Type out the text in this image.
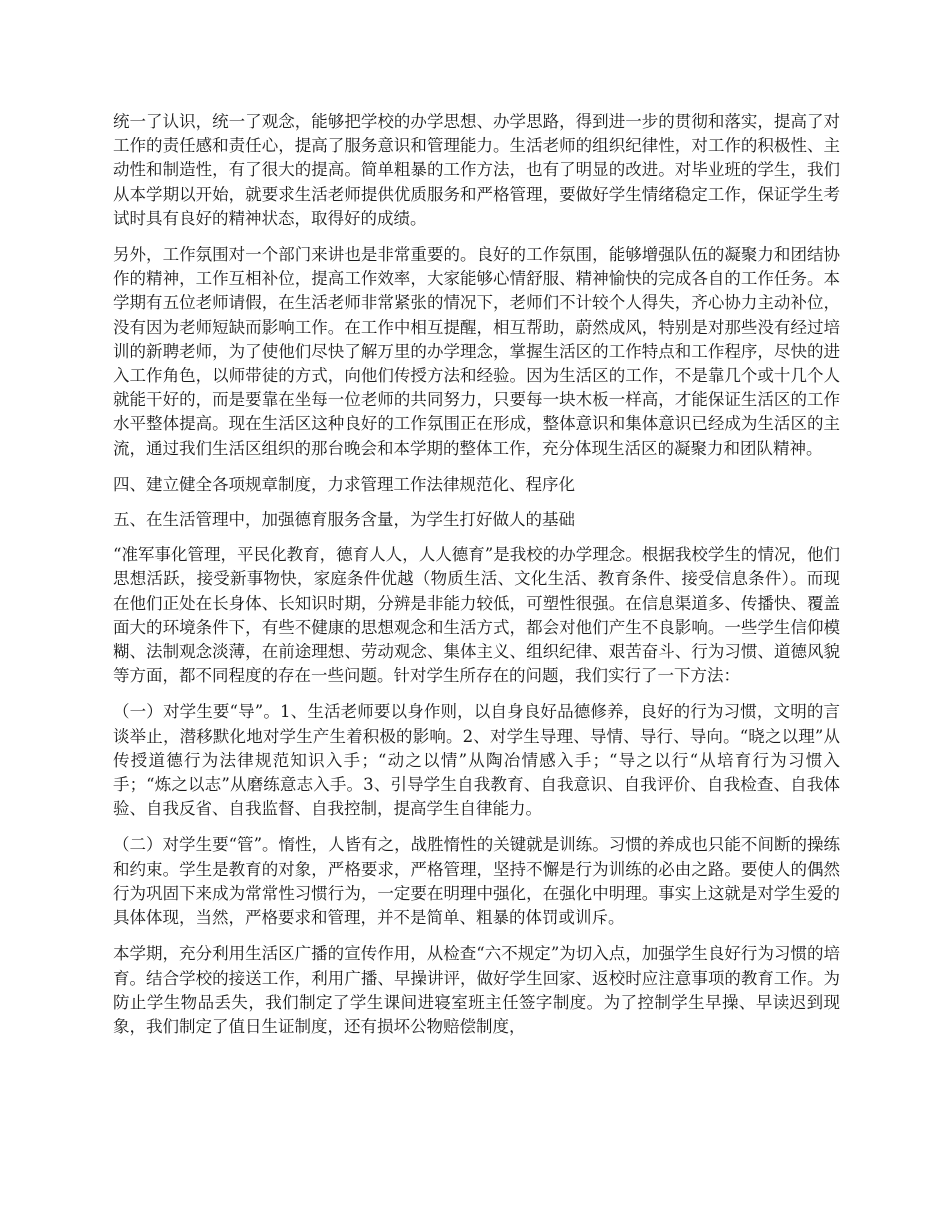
统一了认识，统一了观念，能够把学校的办学思想、办学思路，得到进一步的贯彻和落实，提高了对工作的责任感和责任心，提高了服务意识和管理能力。生活老师的组织纪律性，对工作的积极性、主动性和制造性，有了很大的提高。简单粗暴的工作方法，也有了明显的改进。对毕业班的学生，我们从本学期以开始，就要求生活老师提供优质服务和严格管理，要做好学生情绪稳定工作，保证学生考试时具有良好的精神状态，取得好的成绩。

另外，工作氛围对一个部门来讲也是非常重要的。良好的工作氛围，能够增强队伍的凝聚力和团结协作的精神，工作互相补位，提高工作效率，大家能够心情舒服、精神愉快的完成各自的工作任务。本学期有五位老师请假，在生活老师非常紧张的情况下，老师们不计较个人得失，齐心协力主动补位，没有因为老师短缺而影响工作。在工作中相互提醒，相互帮助，蔚然成风，特别是对那些没有经过培训的新聘老师，为了使他们尽快了解万里的办学理念，掌握生活区的工作特点和工作程序，尽快的进入工作角色，以师带徒的方式，向他们传授方法和经验。因为生活区的工作，不是靠几个或十几个人就能干好的，而是要靠在坐每一位老师的共同努力，只要每一块木板一样高，才能保证生活区的工作水平整体提高。现在生活区这种良好的工作氛围正在形成，整体意识和集体意识已经成为生活区的主流，通过我们生活区组织的那台晚会和本学期的整体工作，充分体现生活区的凝聚力和团队精神。

四、建立健全各项规章制度，力求管理工作法律规范化、程序化

五、在生活管理中，加强德育服务含量，为学生打好做人的基础

“准军事化管理，平民化教育，德育人人，人人德育”是我校的办学理念。根据我校学生的情况，他们思想活跃，接受新事物快，家庭条件优越（物质生活、文化生活、教育条件、接受信息条件）。而现在他们正处在长身体、长知识时期，分辨是非能力较低，可塑性很强。在信息渠道多、传播快、覆盖面大的环境条件下，有些不健康的思想观念和生活方式，都会对他们产生不良影响。一些学生信仰模糊、法制观念淡薄，在前途理想、劳动观念、集体主义、组织纪律、艰苦奋斗、行为习惯、道德风貌等方面，都不同程度的存在一些问题。针对学生所存在的问题，我们实行了一下方法：

（一）对学生要“导”。1、生活老师要以身作则，以自身良好品德修养，良好的行为习惯，文明的言谈举止，潜移默化地对学生产生着积极的影响。2、对学生导理、导情、导行、导向。“晓之以理”从传授道德行为法律规范知识入手；“动之以情”从陶冶情感入手；“导之以行“从培育行为习惯入手；“炼之以志”从磨练意志入手。3、引导学生自我教育、自我意识、自我评价、自我检查、自我体验、自我反省、自我监督、自我控制，提高学生自律能力。

（二）对学生要“管”。惰性，人皆有之，战胜惰性的关键就是训练。习惯的养成也只能不间断的操练和约束。学生是教育的对象，严格要求，严格管理，坚持不懈是行为训练的必由之路。要使人的偶然行为巩固下来成为常常性习惯行为，一定要在明理中强化，在强化中明理。事实上这就是对学生爱的具体体现，当然，严格要求和管理，并不是简单、粗暴的体罚或训斥。

本学期，充分利用生活区广播的宣传作用，从检查“六不规定”为切入点，加强学生良好行为习惯的培育。结合学校的接送工作，利用广播、早操讲评，做好学生回家、返校时应注意事项的教育工作。为防止学生物品丢失，我们制定了学生课间进寝室班主任签字制度。为了控制学生早操、早读迟到现象，我们制定了值日生证制度，还有损坏公物赔偿制度，
